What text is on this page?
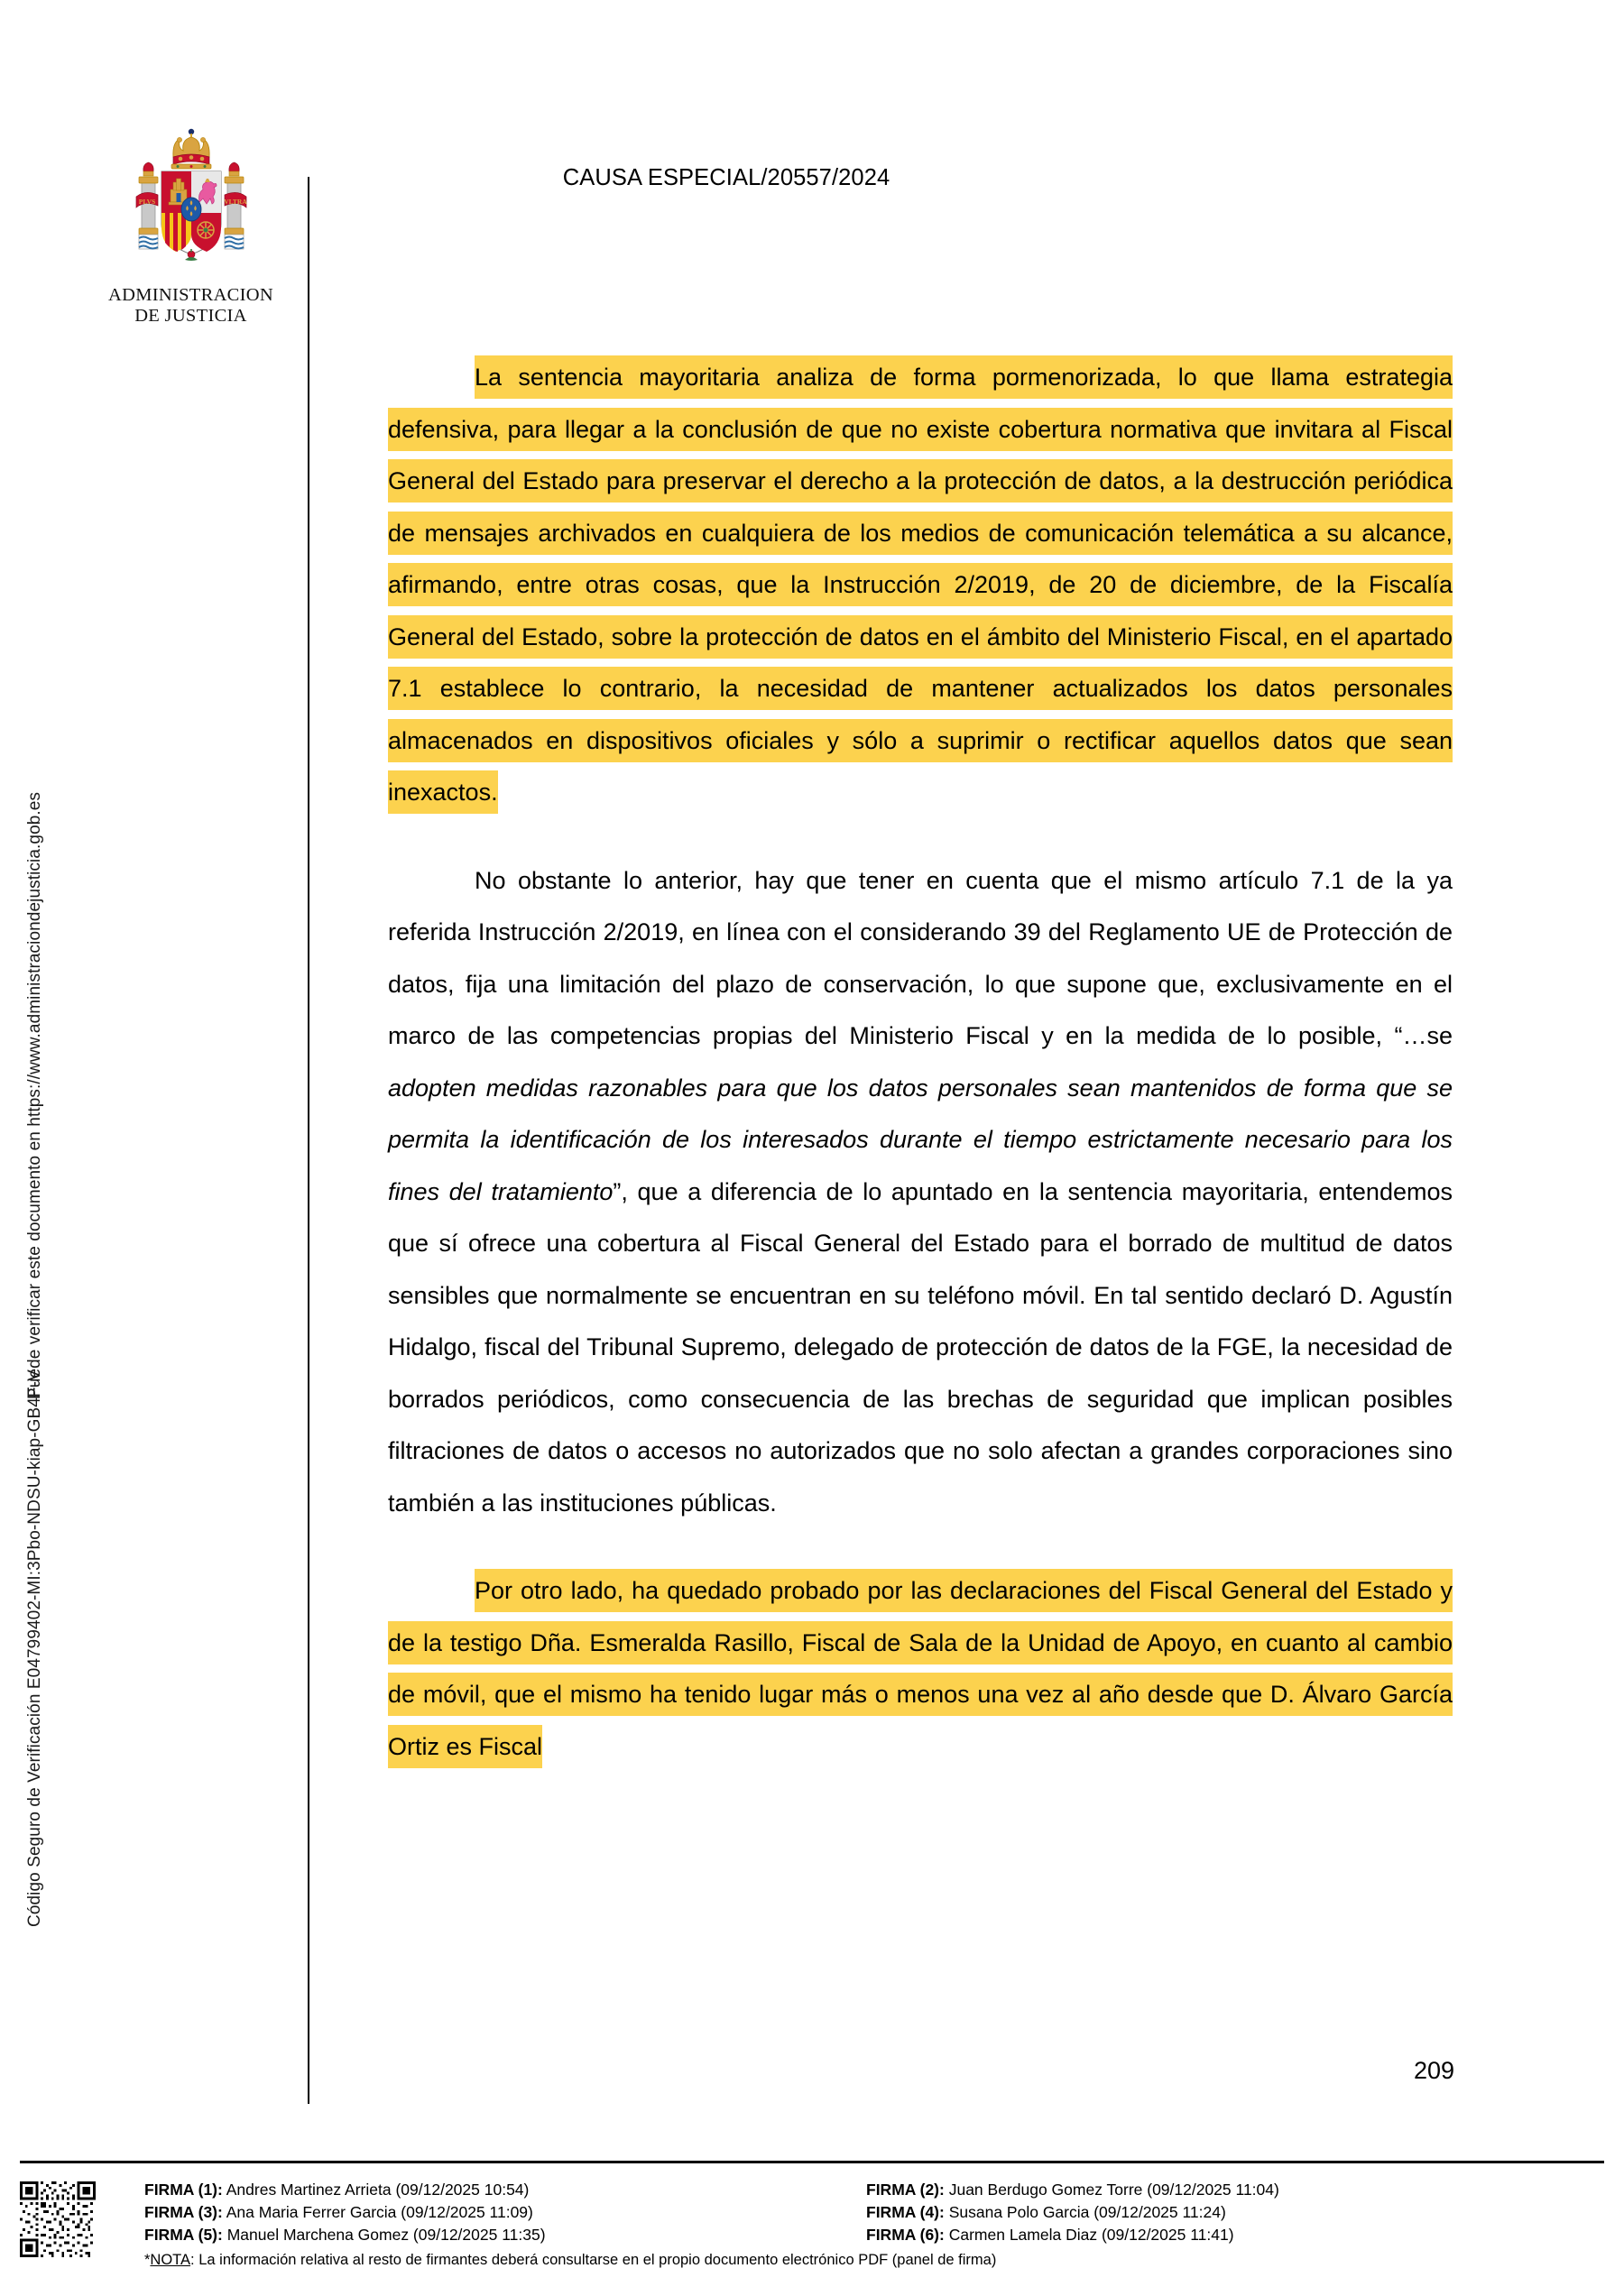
Puede verificar este documento en https://www.administraciondejusticia.gob.es
Código Seguro de Verificación E04799402-MI:3Pbo-NDSU-kiap-GB4F-V
PLVS	VLTRA
ADMINISTRACION
DE JUSTICIA
CAUSA ESPECIAL/20557/2024

La sentencia mayoritaria analiza de forma pormenorizada, lo que llama estrategia defensiva, para llegar a la conclusión de que no existe cobertura normativa que invitara al Fiscal General del Estado para preservar el derecho a la protección de datos, a la destrucción periódica de mensajes archivados en cualquiera de los medios de comunicación telemática a su alcance, afirmando, entre otras cosas, que la Instrucción 2/2019, de 20 de diciembre, de la Fiscalía General del Estado, sobre la protección de datos en el ámbito del Ministerio Fiscal, en el apartado 7.1 establece lo contrario, la necesidad de mantener actualizados los datos personales almacenados en dispositivos oficiales y sólo a suprimir o rectificar aquellos datos que sean inexactos.

No obstante lo anterior, hay que tener en cuenta que el mismo artículo 7.1 de la ya referida Instrucción 2/2019, en línea con el considerando 39 del Reglamento UE de Protección de datos, fija una limitación del plazo de conservación, lo que supone que, exclusivamente en el marco de las competencias propias del Ministerio Fiscal y en la medida de lo posible, “…se adopten medidas razonables para que los datos personales sean mantenidos de forma que se permita la identificación de los interesados durante el tiempo estrictamente necesario para los fines del tratamiento”, que a diferencia de lo apuntado en la sentencia mayoritaria, entendemos que sí ofrece una cobertura al Fiscal General del Estado para el borrado de multitud de datos sensibles que normalmente se encuentran en su teléfono móvil. En tal sentido declaró D. Agustín Hidalgo, fiscal del Tribunal Supremo, delegado de protección de datos de la FGE, la necesidad de borrados periódicos, como consecuencia de las brechas de seguridad que implican posibles filtraciones de datos o accesos no autorizados que no solo afectan a grandes corporaciones sino también a las instituciones públicas.

Por otro lado, ha quedado probado por las declaraciones del Fiscal General del Estado y de la testigo Dña. Esmeralda Rasillo, Fiscal de Sala de la Unidad de Apoyo, en cuanto al cambio de móvil, que el mismo ha tenido lugar más o menos una vez al año desde que D. Álvaro García Ortiz es Fiscal

209
FIRMA (1): Andres Martinez Arrieta (09/12/2025 10:54)	FIRMA (2): Juan Berdugo Gomez Torre (09/12/2025 11:04)
FIRMA (3): Ana Maria Ferrer Garcia (09/12/2025 11:09)	FIRMA (4): Susana Polo Garcia (09/12/2025 11:24)
FIRMA (5): Manuel Marchena Gomez (09/12/2025 11:35)	FIRMA (6): Carmen Lamela Diaz (09/12/2025 11:41)
*NOTA: La información relativa al resto de firmantes deberá consultarse en el propio documento electrónico PDF (panel de firma)
